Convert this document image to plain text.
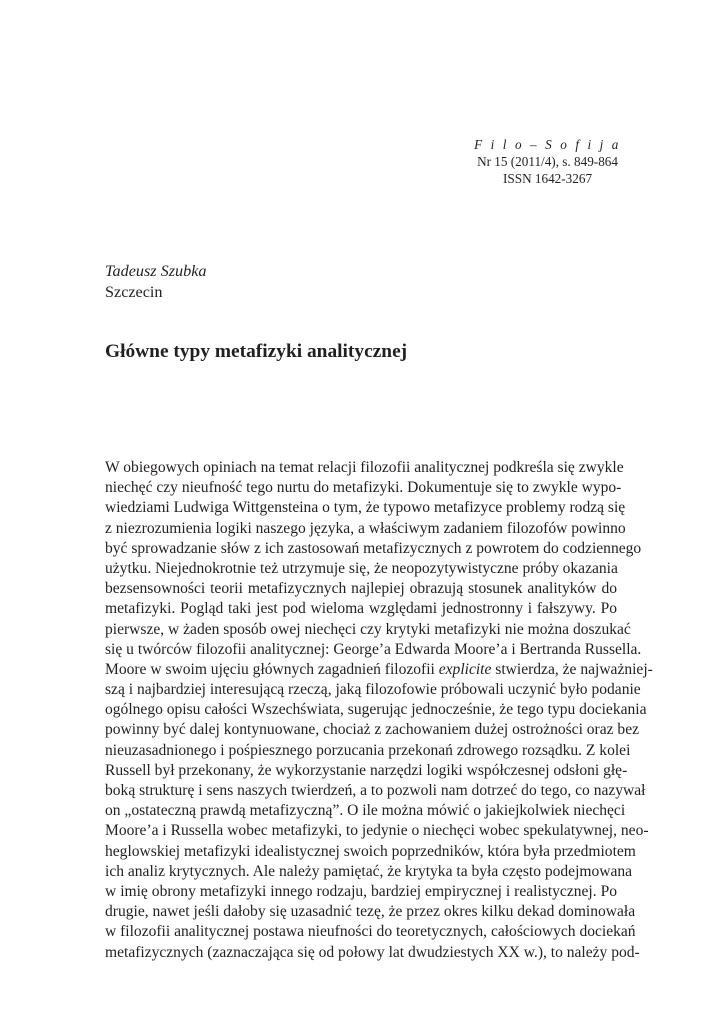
F i l o – S o f i j a
Nr 15 (2011/4), s. 849-864
ISSN 1642-3267
Tadeusz Szubka
Szczecin
Główne typy metafizyki analitycznej
W obiegowych opiniach na temat relacji filozofii analitycznej podkreśla się zwykle
niechęć czy nieufność tego nurtu do metafizyki. Dokumentuje się to zwykle wypo-
wiedziami Ludwiga Wittgensteina o tym, że typowo metafizyce problemy rodzą się
z niezrozumienia logiki naszego języka, a właściwym zadaniem filozofów powinno
być sprowadzanie słów z ich zastosowań metafizycznych z powrotem do codziennego
użytku. Niejednokrotnie też utrzymuje się, że neopozytywistyczne próby okazania
bezsensowności teorii metafizycznych najlepiej obrazują stosunek analityków do
metafizyki. Pogląd taki jest pod wieloma względami jednostronny i fałszywy. Po
pierwsze, w żaden sposób owej niechęci czy krytyki metafizyki nie można doszukać
się u twórców filozofii analitycznej: George’a Edwarda Moore’a i Bertranda Russella.
Moore w swoim ujęciu głównych zagadnień filozofii explicite stwierdza, że najważniej-
szą i najbardziej interesującą rzeczą, jaką filozofowie próbowali uczynić było podanie
ogólnego opisu całości Wszechświata, sugerując jednocześnie, że tego typu dociekania
powinny być dalej kontynuowane, chociaż z zachowaniem dużej ostrożności oraz bez
nieuzasadnionego i pośpiesznego porzucania przekonań zdrowego rozsądku. Z kolei
Russell był przekonany, że wykorzystanie narzędzi logiki współczesnej odsłoni głę-
boką strukturę i sens naszych twierdzeń, a to pozwoli nam dotrzeć do tego, co nazywał
on „ostateczną prawdą metafizyczną”. O ile można mówić o jakiejkolwiek niechęci
Moore’a i Russella wobec metafizyki, to jedynie o niechęci wobec spekulatywnej, neo-
heglowskiej metafizyki idealistycznej swoich poprzedników, która była przedmiotem
ich analiz krytycznych. Ale należy pamiętać, że krytyka ta była często podejmowana
w imię obrony metafizyki innego rodzaju, bardziej empirycznej i realistycznej. Po
drugie, nawet jeśli dałoby się uzasadnić tezę, że przez okres kilku dekad dominowała
w filozofii analitycznej postawa nieufności do teoretycznych, całościowych dociekań
metafizycznych (zaznaczająca się od połowy lat dwudziestych XX w.), to należy pod-
